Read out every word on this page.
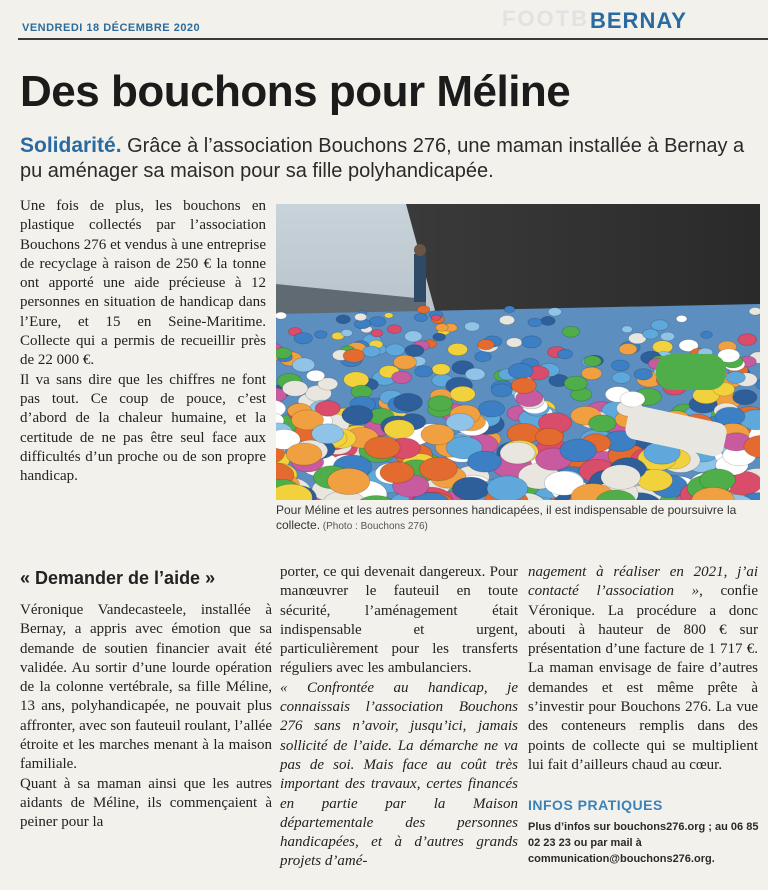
FOOTB
VENDREDI 18 DÉCEMBRE 2020	BERNAY
Des bouchons pour Méline
Solidarité. Grâce à l’association Bouchons 276, une maman installée à Bernay a pu aménager sa maison pour sa fille polyhandicapée.

Une fois de plus, les bouchons en plastique collectés par l’association Bouchons 276 et vendus à une entreprise de recyclage à raison de 250 € la tonne ont apporté une aide précieuse à 12 personnes en situation de handicap dans l’Eure, et 15 en Seine-Maritime. Collecte qui a permis de recueillir près de 22 000 €.

Il va sans dire que les chiffres ne font pas tout. Ce coup de pouce, c’est d’abord de la chaleur humaine, et la certitude de ne pas être seul face aux difficultés d’un proche ou de son propre handicap.

Pour Méline et les autres personnes handicapées, il est indispensable de poursuivre la collecte. (Photo : Bouchons 276)
« Demander de l’aide »

Véronique Vandecasteele, installée à Bernay, a appris avec émotion que sa demande de soutien financier avait été validée. Au sortir d’une lourde opération de la colonne vertébrale, sa fille Méline, 13 ans, polyhandicapée, ne pouvait plus affronter, avec son fauteuil roulant, l’allée étroite et les marches menant à la maison familiale.

Quant à sa maman ainsi que les autres aidants de Méline, ils commençaient à peiner pour la

porter, ce qui devenait dangereux. Pour manœuvrer le fauteuil en toute sécurité, l’aménagement était indispensable et urgent, particulièrement pour les transferts réguliers avec les ambulanciers.

« Confrontée au handicap, je connaissais l’association Bouchons 276 sans n’avoir, jusqu’ici, jamais sollicité de l’aide. La démarche ne va pas de soi. Mais face au coût très important des travaux, certes financés en partie par la Maison départementale des personnes handicapées, et à d’autres grands projets d’amé-

nagement à réaliser en 2021, j’ai contacté l’association », confie Véronique. La procédure a donc abouti à hauteur de 800 € sur présentation d’une facture de 1 717 €. La maman envisage de faire d’autres demandes et est même prête à s’investir pour Bouchons 276. La vue des conteneurs remplis dans des points de collecte qui se multiplient lui fait d’ailleurs chaud au cœur.

INFOS PRATIQUES
Plus d’infos sur bouchons276.org ; au 06 85 02 23 23 ou par mail à communication@bouchons276.org.
